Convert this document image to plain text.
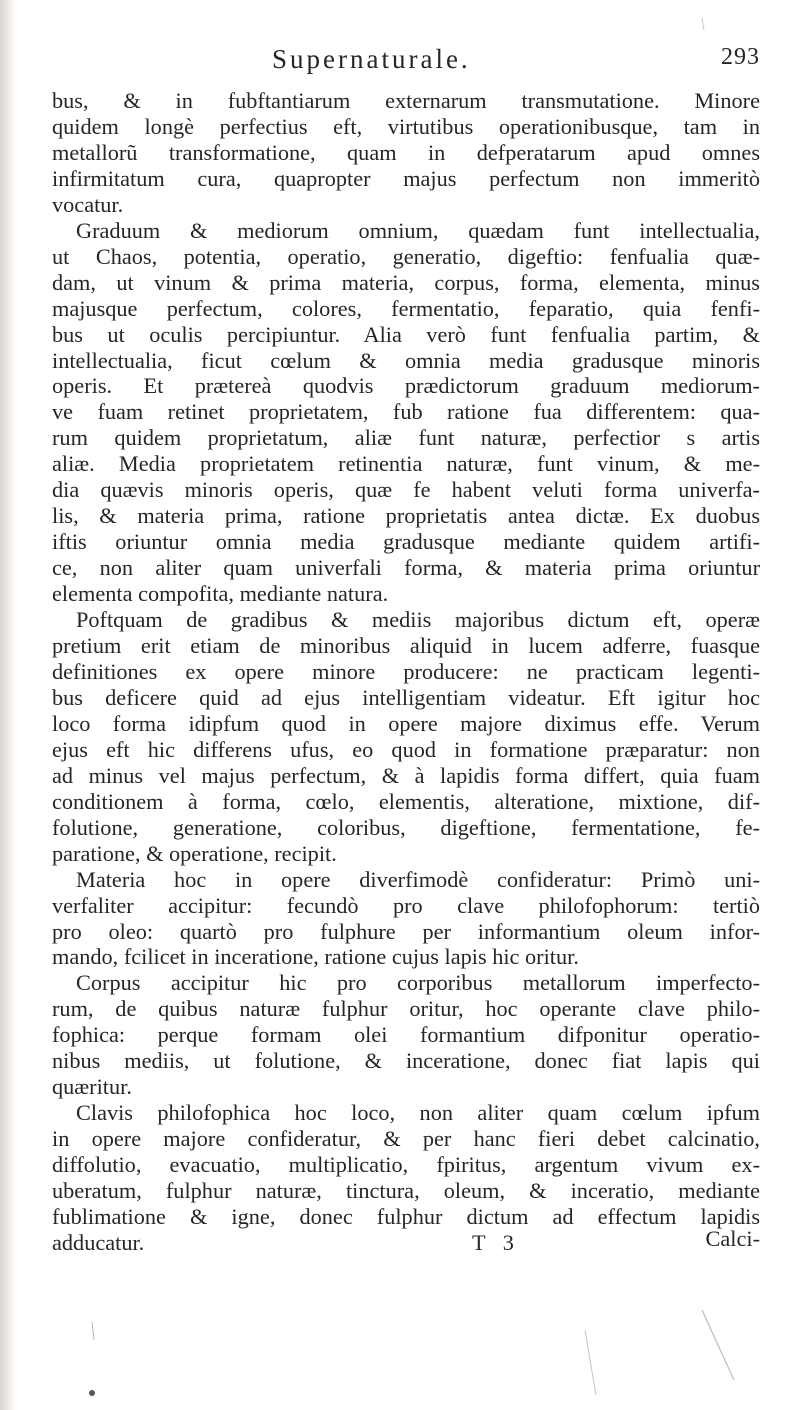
Supernaturale.	293
bus, & in fubftantiarum externarum transmutatione. Minore
quidem longè perfectius eft, virtutibus operationibusque, tam in
metallorũ transformatione, quam in defperatarum apud omnes
infirmitatum cura, quapropter majus perfectum non immeritò
vocatur.
Graduum & mediorum omnium, quædam funt intellectualia,
ut Chaos, potentia, operatio, generatio, digeftio: fenfualia quæ-
dam, ut vinum & prima materia, corpus, forma, elementa, minus
majusque perfectum, colores, fermentatio, feparatio, quia fenfi-
bus ut oculis percipiuntur. Alia verò funt fenfualia partim, &
intellectualia, ficut cœlum & omnia media gradusque minoris
operis. Et prætereà quodvis prædictorum graduum mediorum-
ve fuam retinet proprietatem, fub ratione fua differentem: qua-
rum quidem proprietatum, aliæ funt naturæ, perfectior s artis
aliæ. Media proprietatem retinentia naturæ, funt vinum, & me-
dia quævis minoris operis, quæ fe habent veluti forma univerfa-
lis, & materia prima, ratione proprietatis antea dictæ. Ex duobus
iftis oriuntur omnia media gradusque mediante quidem artifi-
ce, non aliter quam univerfali forma, & materia prima oriuntur
elementa compofita, mediante natura.
Poftquam de gradibus & mediis majoribus dictum eft, operæ
pretium erit etiam de minoribus aliquid in lucem adferre, fuasque
definitiones ex opere minore producere: ne practicam legenti-
bus deficere quid ad ejus intelligentiam videatur. Eft igitur hoc
loco forma idipfum quod in opere majore diximus effe. Verum
ejus eft hic differens ufus, eo quod in formatione præparatur: non
ad minus vel majus perfectum, & à lapidis forma differt, quia fuam
conditionem à forma, cœlo, elementis, alteratione, mixtione, dif-
folutione, generatione, coloribus, digeftione, fermentatione, fe-
paratione, & operatione, recipit.
Materia hoc in opere diverfimodè confideratur: Primò uni-
verfaliter accipitur: fecundò pro clave philofophorum: tertiò
pro oleo: quartò pro fulphure per informantium oleum infor-
mando, fcilicet in inceratione, ratione cujus lapis hic oritur.
Corpus accipitur hic pro corporibus metallorum imperfecto-
rum, de quibus naturæ fulphur oritur, hoc operante clave philo-
fophica: perque formam olei formantium difponitur operatio-
nibus mediis, ut folutione, & inceratione, donec fiat lapis qui
quæritur.
Clavis philofophica hoc loco, non aliter quam cœlum ipfum
in opere majore confideratur, & per hanc fieri debet calcinatio,
diffolutio, evacuatio, multiplicatio, fpiritus, argentum vivum ex-
uberatum, fulphur naturæ, tinctura, oleum, & inceratio, mediante
fublimatione & igne, donec fulphur dictum ad effectum lapidis
adducatur.	T 3	Calci-
